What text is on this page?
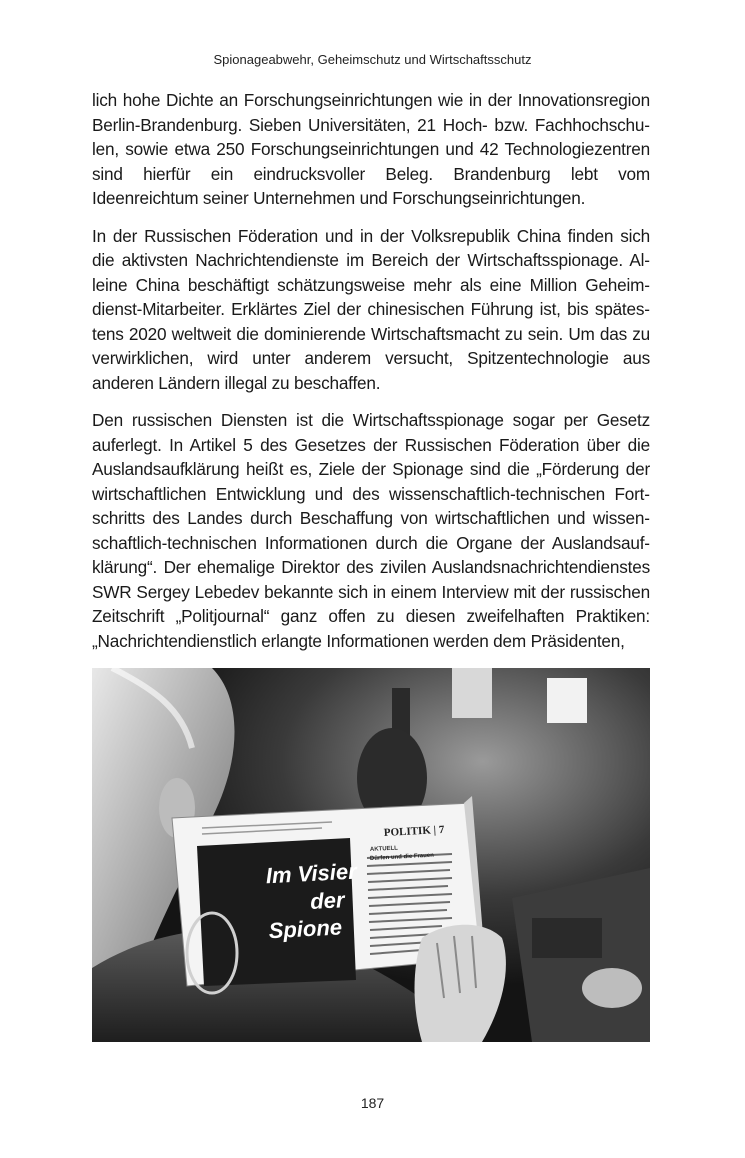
Spionageabwehr, Geheimschutz und Wirtschaftsschutz

lich hohe Dichte an Forschungseinrichtungen wie in der Innovationsregion Berlin-Brandenburg. Sieben Universitäten, 21 Hoch- bzw. Fachhochschulen, sowie etwa 250 Forschungseinrichtungen und 42 Technologiezentren sind hierfür ein eindrucksvoller Beleg. Brandenburg lebt vom Ideenreichtum seiner Unternehmen und Forschungseinrichtungen.

In der Russischen Föderation und in der Volksrepublik China finden sich die aktivsten Nachrichtendienste im Bereich der Wirtschaftsspionage. Alleine China beschäftigt schätzungsweise mehr als eine Million Geheimdienst-Mitarbeiter. Erklärtes Ziel der chinesischen Führung ist, bis spätestens 2020 weltweit die dominierende Wirtschaftsmacht zu sein. Um das zu verwirklichen, wird unter anderem versucht, Spitzentechnologie aus anderen Ländern illegal zu beschaffen.

Den russischen Diensten ist die Wirtschaftsspionage sogar per Gesetz auferlegt. In Artikel 5 des Gesetzes der Russischen Föderation über die Auslandsaufklärung heißt es, Ziele der Spionage sind die „Förderung der wirtschaftlichen Entwicklung und des wissenschaftlich-technischen Fortschritts des Landes durch Beschaffung von wirtschaftlichen und wissenschaftlich-technischen Informationen durch die Organe der Auslandsaufklärung“. Der ehemalige Direktor des zivilen Auslandsnachrichtendienstes SWR Sergey Lebedev bekannte sich in einem Interview mit der russischen Zeitschrift „Politjournal“ ganz offen zu diesen zweifelhaften Praktiken: „Nachrichtendienstlich erlangte Informationen werden dem Präsidenten,

POLITIK | 7
AKTUELL
Dürfen und die Frauen
Im Visier
der
Spione
187
